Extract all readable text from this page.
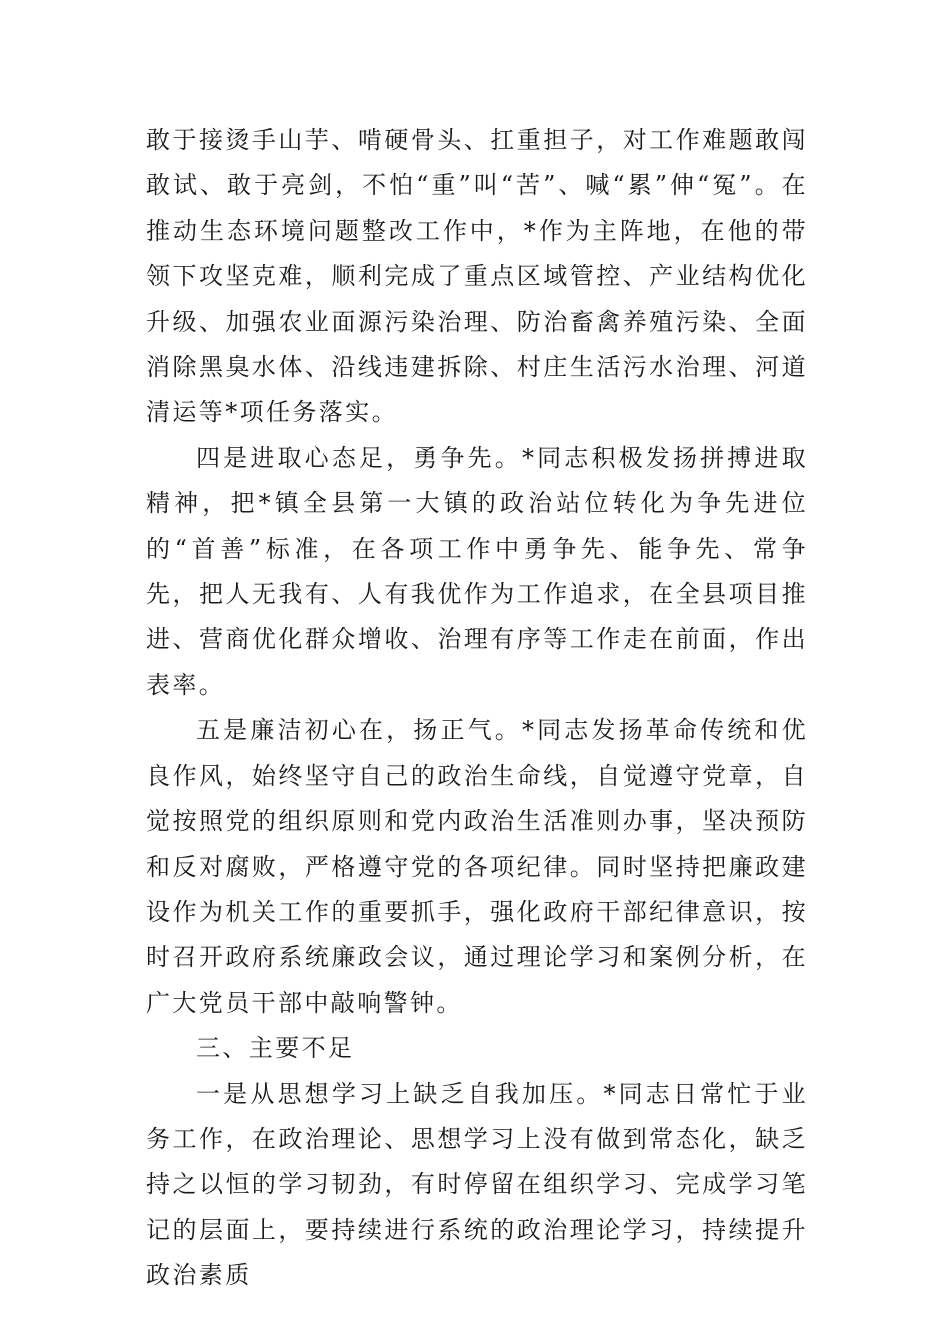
敢于接烫手山芋、啃硬骨头、扛重担子，对工作难题敢闯敢试、敢于亮剑，不怕“重”叫“苦”、喊“累”伸“冤”。在推动生态环境问题整改工作中，*作为主阵地，在他的带领下攻坚克难，顺利完成了重点区域管控、产业结构优化升级、加强农业面源污染治理、防治畜禽养殖污染、全面消除黑臭水体、沿线违建拆除、村庄生活污水治理、河道清运等*项任务落实。

四是进取心态足，勇争先。*同志积极发扬拼搏进取精神，把*镇全县第一大镇的政治站位转化为争先进位的“首善”标准，在各项工作中勇争先、能争先、常争先，把人无我有、人有我优作为工作追求，在全县项目推进、营商优化群众增收、治理有序等工作走在前面，作出表率。

五是廉洁初心在，扬正气。*同志发扬革命传统和优良作风，始终坚守自己的政治生命线，自觉遵守党章，自觉按照党的组织原则和党内政治生活准则办事，坚决预防和反对腐败，严格遵守党的各项纪律。同时坚持把廉政建设作为机关工作的重要抓手，强化政府干部纪律意识，按时召开政府系统廉政会议，通过理论学习和案例分析，在广大党员干部中敲响警钟。

三、主要不足

一是从思想学习上缺乏自我加压。*同志日常忙于业务工作，在政治理论、思想学习上没有做到常态化，缺乏持之以恒的学习韧劲，有时停留在组织学习、完成学习笔记的层面上，要持续进行系统的政治理论学习，持续提升政治素质
